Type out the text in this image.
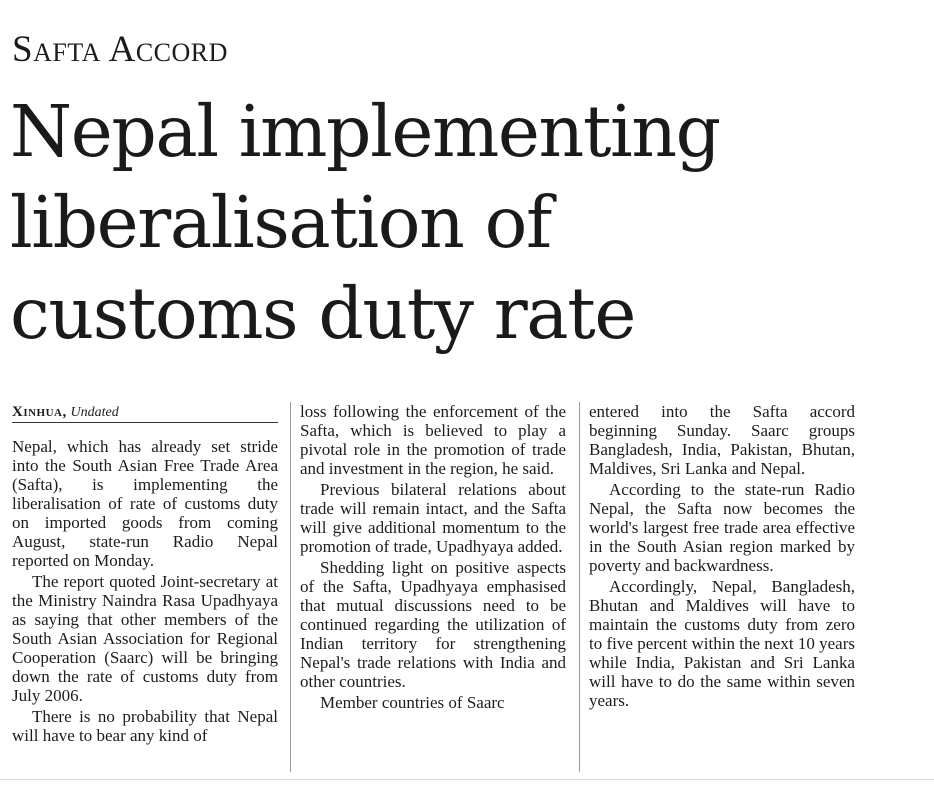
Safta Accord
Nepal implementing
liberalisation of
customs duty rate
Xinhua, Undated

Nepal, which has already set stride into the South Asian Free Trade Area (Safta), is implementing the liberalisation of rate of customs duty on imported goods from coming August, state-run Radio Nepal reported on Monday.

The report quoted Joint-secretary at the Ministry Naindra Rasa Upadhyaya as saying that other members of the South Asian Association for Regional Cooperation (Saarc) will be bringing down the rate of customs duty from July 2006.

There is no probability that Nepal will have to bear any kind of

loss following the enforcement of the Safta, which is believed to play a pivotal role in the promotion of trade and investment in the region, he said.

Previous bilateral relations about trade will remain intact, and the Safta will give additional momentum to the promotion of trade, Upadhyaya added.

Shedding light on positive aspects of the Safta, Upadhyaya emphasised that mutual discussions need to be continued regarding the utilization of Indian territory for strengthening Nepal's trade relations with India and other countries.

Member countries of Saarc

entered into the Safta accord beginning Sunday. Saarc groups Bangladesh, India, Pakistan, Bhutan, Maldives, Sri Lanka and Nepal.

According to the state-run Radio Nepal, the Safta now becomes the world's largest free trade area effective in the South Asian region marked by poverty and backwardness.

Accordingly, Nepal, Bangladesh, Bhutan and Maldives will have to maintain the customs duty from zero to five percent within the next 10 years while India, Pakistan and Sri Lanka will have to do the same within seven years.
